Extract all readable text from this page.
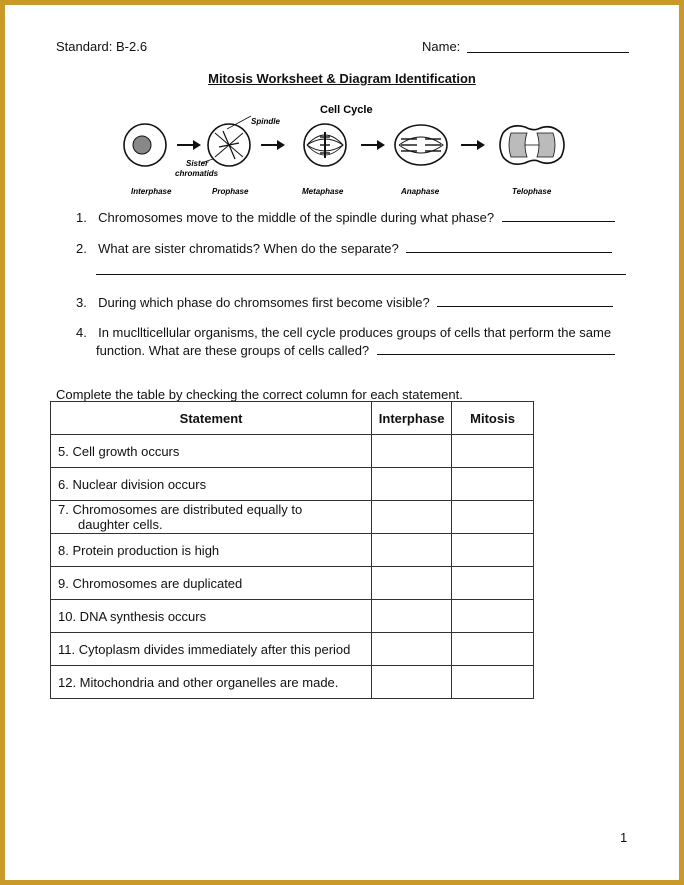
Standard: B-2.6	Name:
Mitosis Worksheet & Diagram Identification
Cell Cycle
Spindle
Sister
chromatids
Interphase	Prophase	Metaphase	Anaphase	Telophase
1. Chromosomes move to the middle of the spindle during what phase?
2. What are sister chromatids? When do the separate?
3. During which phase do chromsomes first become visible?
4. In mucllticellular organisms, the cell cycle produces groups of cells that perform the same
function. What are these groups of cells called?
Complete the table by checking the correct column for each statement.
Statement	Interphase	Mitosis
5. Cell growth occurs		
6. Nuclear division occurs		
7. Chromosomes are distributed equally to
daughter cells.		
8. Protein production is high		
9. Chromosomes are duplicated		
10. DNA synthesis occurs		
11. Cytoplasm divides immediately after this period		
12. Mitochondria and other organelles are made.		
1
